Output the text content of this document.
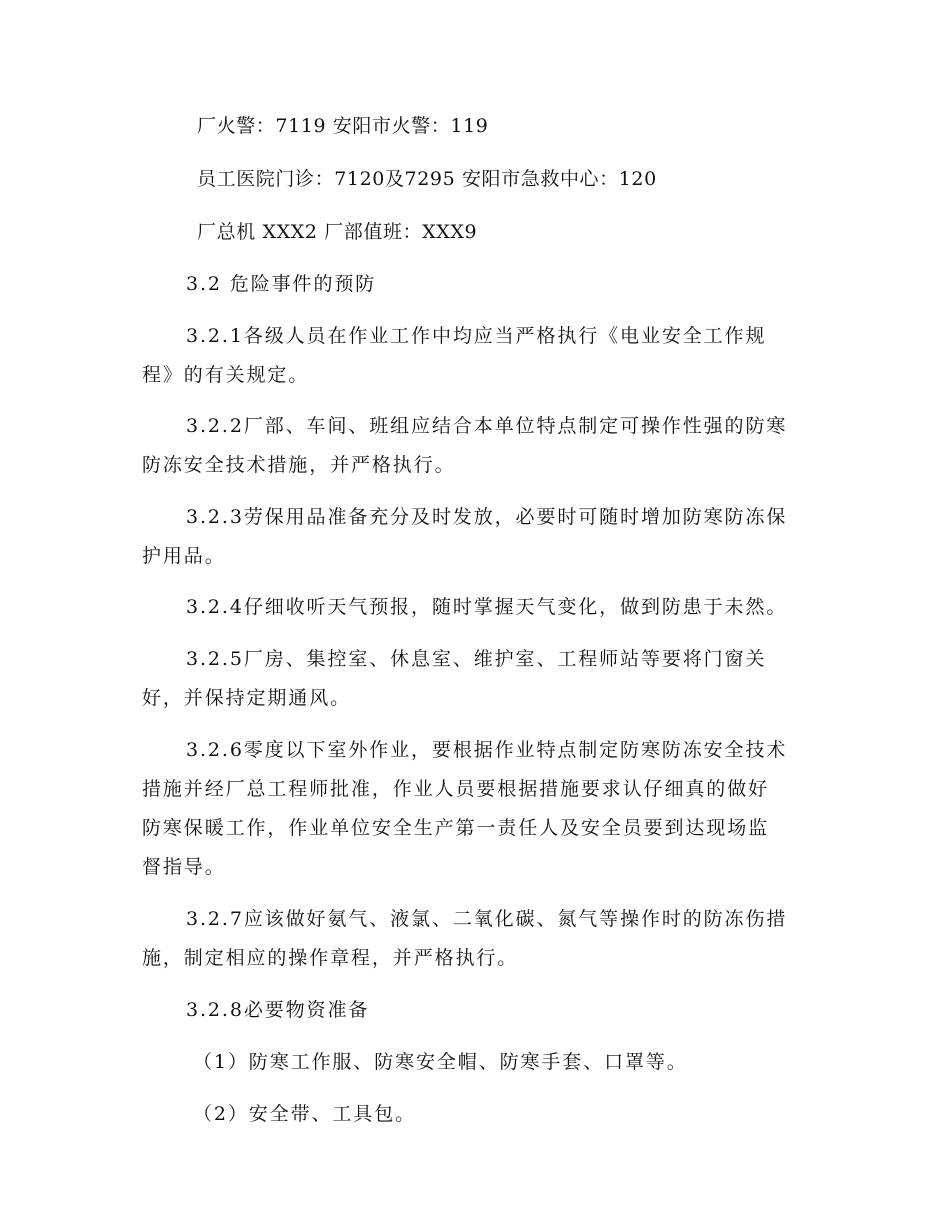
厂火警：7119 安阳市火警：119
员工医院门诊：7120及7295 安阳市急救中心：120
厂总机 XXX2 厂部值班：XXX9
3.2 危险事件的预防
3.2.1各级人员在作业工作中均应当严格执行《电业安全工作规
程》的有关规定。
3.2.2厂部、车间、班组应结合本单位特点制定可操作性强的防寒
防冻安全技术措施，并严格执行。
3.2.3劳保用品准备充分及时发放，必要时可随时增加防寒防冻保
护用品。
3.2.4仔细收听天气预报，随时掌握天气变化，做到防患于未然。
3.2.5厂房、集控室、休息室、维护室、工程师站等要将门窗关
好，并保持定期通风。
3.2.6零度以下室外作业，要根据作业特点制定防寒防冻安全技术
措施并经厂总工程师批准，作业人员要根据措施要求认仔细真的做好
防寒保暖工作，作业单位安全生产第一责任人及安全员要到达现场监
督指导。
3.2.7应该做好氨气、液氯、二氧化碳、氮气等操作时的防冻伤措
施，制定相应的操作章程，并严格执行。
3.2.8必要物资准备
（1）防寒工作服、防寒安全帽、防寒手套、口罩等。
（2）安全带、工具包。
